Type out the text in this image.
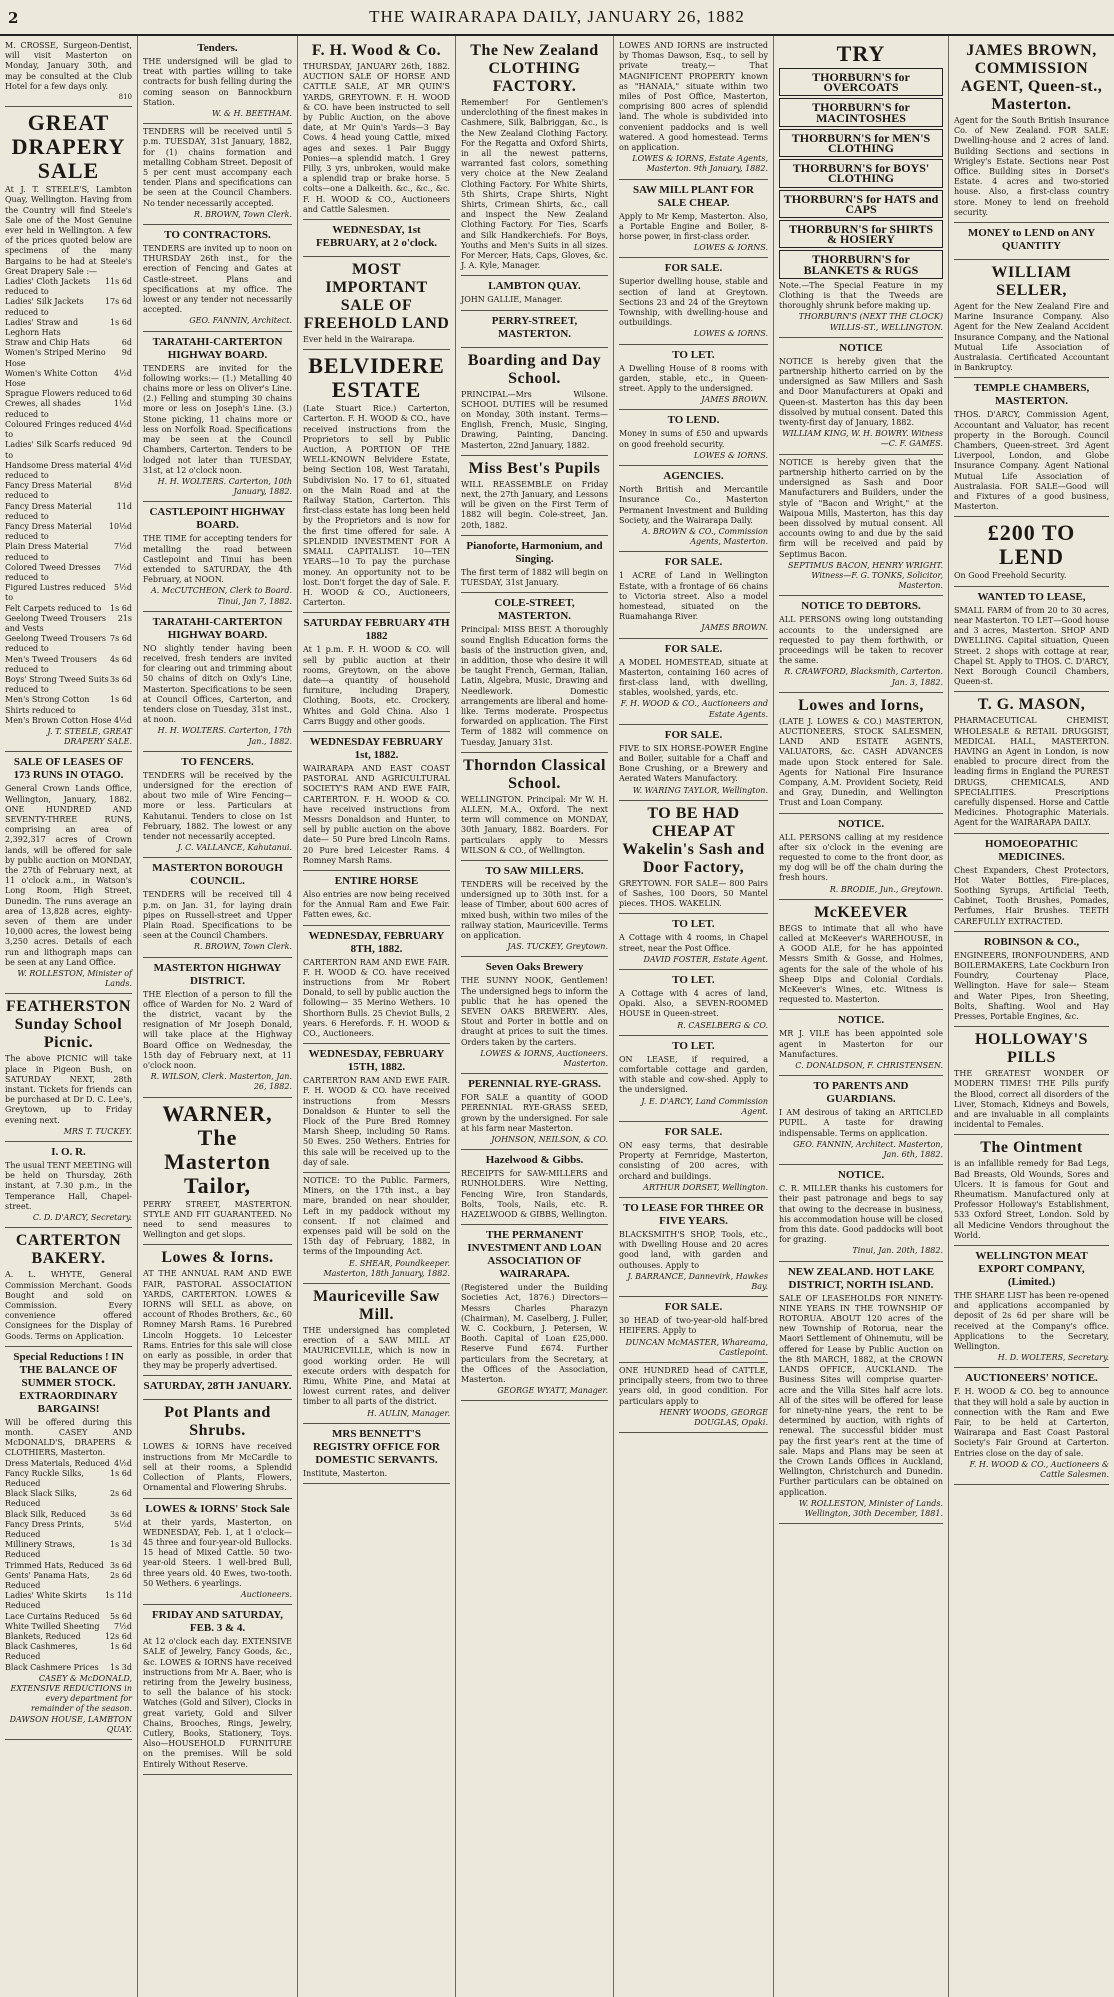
2	THE WAIRARAPA DAILY, JANUARY 26, 1882
M. CROSSE, Surgeon-Dentist, will visit Masterton on Monday, January 30th, and may be consulted at the Club Hotel for a few days only.
810
GREAT DRAPERY SALE
At J. T. STEELE'S, Lambton Quay, Wellington. Having from the Country will find Steele's Sale one of the Most Genuine ever held in Wellington. A few of the prices quoted below are specimens of the many Bargains to be had at Steele's Great Drapery Sale :—

11s 6d
Ladies' Cloth Jackets reduced to

17s 6d
Ladies' Silk Jackets reduced to

1s 6d
Ladies' Straw and Leghorn Hats

6d
Straw and Chip Hats

9d
Women's Striped Merino Hose

4½d
Women's White Cotton Hose

6d
Sprague Flowers reduced to

1½d
Crewes, all shades reduced to

4½d
Coloured Fringes reduced to

9d
Ladies' Silk Scarfs reduced to

4½d
Handsome Dress material reduced to

8½d
Fancy Dress Material reduced to

11d
Fancy Dress Material reduced to

10½d
Fancy Dress Material reduced to

7½d
Plain Dress Material reduced to

7½d
Colored Tweed Dresses reduced to

5½d
Figured Lustres reduced to

1s 6d
Felt Carpets reduced to

21s
Geelong Tweed Trousers and Vests

7s 6d
Geelong Tweed Trousers reduced to

4s 6d
Men's Tweed Trousers reduced to

3s 6d
Boys' Strong Tweed Suits reduced to

1s 6d
Men's Strong Cotton Shirts reduced to

4½d
Men's Brown Cotton Hose

J. T. STEELE, GREAT DRAPERY SALE.
SALE OF LEASES OF 173 RUNS IN OTAGO.
General Crown Lands Office, Wellington, January, 1882. ONE HUNDRED AND SEVENTY-THREE RUNS, comprising an area of 2,392,317 acres of Crown lands, will be offered for sale by public auction on MONDAY, the 27th of February next, at 11 o'clock a.m., in Watson's Long Room, High Street, Dunedin. The runs average an area of 13,828 acres, eighty-seven of them are under 10,000 acres, the lowest being 3,250 acres. Details of each run and lithograph maps can be seen at any Land Office.
W. ROLLESTON, Minister of Lands.
FEATHERSTON Sunday School Picnic.
The above PICNIC will take place in Pigeon Bush, on SATURDAY NEXT, 28th instant. Tickets for friends can be purchased at Dr D. C. Lee's, Greytown, up to Friday evening next.
MRS T. TUCKEY.
I. O. R.
The usual TENT MEETING will be held on Thursday, 26th instant, at 7.30 p.m., in the Temperance Hall, Chapel-street.
C. D. D'ARCY, Secretary.
CARTERTON BAKERY.
A. L. WHYTE, General Commission Merchant. Goods Bought and sold on Commission. Every convenience offered Consignees for the Display of Goods. Terms on Application.
Special Reductions ! IN THE BALANCE OF SUMMER STOCK. EXTRAORDINARY BARGAINS!
Will be offered during this month. CASEY AND McDONALD'S, DRAPERS & CLOTHIERS, Masterton.

4½d
Dress Materials, Reduced

1s 6d
Fancy Ruckle Silks, Reduced

2s 6d
Black Slack Silks, Reduced

3s 6d
Black Silk, Reduced

5½d
Fancy Dress Prints, Reduced

1s 3d
Millinery Straws, Reduced

3s 6d
Trimmed Hats, Reduced

2s 6d
Gents' Panama Hats, Reduced

1s 11d
Ladies' White Skirts Reduced

5s 6d
Lace Curtains Reduced

7½d
White Twilled Sheeting

12s 6d
Blankets, Reduced

1s 6d
Black Cashmeres, Reduced

1s 3d
Black Cashmere Prices

CASEY & McDONALD, EXTENSIVE REDUCTIONS in every department for remainder of the season. DAWSON HOUSE, LAMBTON QUAY.
Tenders.
THE undersigned will be glad to treat with parties willing to take contracts for bush felling during the coming season on Bannockburn Station.
W. & H. BEETHAM.
TENDERS will be received until 5 p.m. TUESDAY, 31st January, 1882, for (1) chains formation and metalling Cobham Street. Deposit of 5 per cent must accompany each tender. Plans and specifications can be seen at the Council Chambers. No tender necessarily accepted.
R. BROWN, Town Clerk.
TO CONTRACTORS.
TENDERS are invited up to noon on THURSDAY 26th inst., for the erection of Fencing and Gates at Castle-street. Plans and specifications at my office. The lowest or any tender not necessarily accepted.
GEO. FANNIN, Architect.
TARATAHI-CARTERTON HIGHWAY BOARD.
TENDERS are invited for the following works:— (1.) Metalling 40 chains more or less on Oliver's Line. (2.) Felling and stumping 30 chains more or less on Joseph's Line. (3.) Stone picking, 11 chains more or less on Norfolk Road. Specifications may be seen at the Council Chambers, Carterton. Tenders to be lodged not later than TUESDAY, 31st, at 12 o'clock noon.
H. H. WOLTERS. Carterton, 10th January, 1882.
CASTLEPOINT HIGHWAY BOARD.
THE TIME for accepting tenders for metalling the road between Castlepoint and Tinui has been extended to SATURDAY, the 4th February, at NOON.
A. McCUTCHEON, Clerk to Board. Tinui, Jan 7, 1882.
TARATAHI-CARTERTON HIGHWAY BOARD.
NO slightly tender having been received, fresh tenders are invited for clearing out and trimming about 50 chains of ditch on Oxly's Line, Masterton. Specifications to be seen at Council Offices, Carterton, and tenders close on Tuesday, 31st inst., at noon.
H. H. WOLTERS. Carterton, 17th Jan., 1882.
TO FENCERS.
TENDERS will be received by the undersigned for the erection of about two mile of Wire Fencing—more or less. Particulars at Kahutanui. Tenders to close on 1st February, 1882. The lowest or any tender not necessarily accepted.
J. C. VALLANCE, Kahutanui.
MASTERTON BOROUGH COUNCIL.
TENDERS will be received till 4 p.m. on Jan. 31, for laying drain pipes on Russell-street and Upper Plain Road. Specifications to be seen at the Council Chambers.
R. BROWN, Town Clerk.
MASTERTON HIGHWAY DISTRICT.
THE Election of a person to fill the office of Warden for No. 2 Ward of the district, vacant by the resignation of Mr Joseph Donald, will take place at the Highway Board Office on Wednesday, the 15th day of February next, at 11 o'clock noon.
R. WILSON, Clerk. Masterton, Jan. 26, 1882.
WARNER, The Masterton Tailor,
PERRY STREET, MASTERTON. STYLE AND FIT GUARANTEED. No need to send measures to Wellington and get slops.
Lowes & Iorns.
AT THE ANNUAL RAM AND EWE FAIR, PASTORAL ASSOCIATION YARDS, CARTERTON. LOWES & IORNS will SELL as above, on account of Rhodes Brothers, &c., 60 Romney Marsh Rams. 16 Purebred Lincoln Hoggets. 10 Leicester Rams. Entries for this sale will close on early as possible, in order that they may be properly advertised.
SATURDAY, 28TH JANUARY.
Pot Plants and Shrubs.
LOWES & IORNS have received instructions from Mr McCardle to sell at their rooms, a Splendid Collection of Plants, Flowers, Ornamental and Flowering Shrubs.
LOWES & IORNS' Stock Sale
at their yards, Masterton, on WEDNESDAY, Feb. 1, at 1 o'clock— 45 three and four-year-old Bullocks. 15 head of Mixed Cattle. 50 two-year-old Steers. 1 well-bred Bull, three years old. 40 Ewes, two-tooth. 50 Wethers. 6 yearlings.
Auctioneers.
FRIDAY AND SATURDAY, FEB. 3 & 4.
At 12 o'clock each day. EXTENSIVE SALE of Jewelry, Fancy Goods, &c., &c. LOWES & IORNS have received instructions from Mr A. Baer, who is retiring from the Jewelry business, to sell the balance of his stock: Watches (Gold and Silver), Clocks in great variety, Gold and Silver Chains, Brooches, Rings, Jewelry, Cutlery, Books, Stationery, Toys. Also—HOUSEHOLD FURNITURE on the premises. Will be sold Entirely Without Reserve.
F. H. Wood & Co.
THURSDAY, JANUARY 26th, 1882. AUCTION SALE OF HORSE AND CATTLE SALE, AT MR QUIN'S YARDS, GREYTOWN. F. H. WOOD & CO. have been instructed to sell by Public Auction, on the above date, at Mr Quin's Yards—3 Bay Cows. 4 head young Cattle, mixed ages and sexes. 1 Pair Buggy Ponies—a splendid match. 1 Grey Filly, 3 yrs, unbroken, would make a splendid trap or brake horse. 5 colts—one a Dalkeith. &c., &c., &c. F. H. WOOD & CO., Auctioneers and Cattle Salesmen.
WEDNESDAY, 1st FEBRUARY, at 2 o'clock.
MOST IMPORTANT SALE OF FREEHOLD LAND
Ever held in the Wairarapa.
BELVIDERE ESTATE
(Late Stuart Rice.) Carterton, Carterton. F. H. WOOD & CO., have received instructions from the Proprietors to sell by Public Auction, A PORTION OF THE WELL-KNOWN Belvidere Estate, being Section 108, West Taratahi, Subdivision No. 17 to 61, situated on the Main Road and at the Railway Station, Carterton. This first-class estate has long been held by the Proprietors and is now for the first time offered for sale. A SPLENDID INVESTMENT FOR A SMALL CAPITALIST. 10—TEN YEARS—10 To pay the purchase money. An opportunity not to be lost. Don't forget the day of Sale. F. H. WOOD & CO., Auctioneers, Carterton.
SATURDAY FEBRUARY 4TH 1882
At 1 p.m. F. H. WOOD & CO. will sell by public auction at their rooms, Greytown, on the above date—a quantity of household furniture, including Drapery, Clothing, Boots, etc. Crockery, Whites and Gold China. Also 1 Carrs Buggy and other goods.
WEDNESDAY FEBRUARY 1st, 1882.
WAIRARAPA AND EAST COAST PASTORAL AND AGRICULTURAL SOCIETY'S RAM AND EWE FAIR, CARTERTON. F. H. WOOD & CO. have received instructions from Messrs Donaldson and Hunter, to sell by public auction on the above date— 50 Pure bred Lincoln Rams. 20 Pure bred Leicester Rams. 4 Romney Marsh Rams.
ENTIRE HORSE
Also entries are now being received for the Annual Ram and Ewe Fair. Fatten ewes, &c.
WEDNESDAY, FEBRUARY 8TH, 1882.
CARTERTON RAM AND EWE FAIR. F. H. WOOD & CO. have received instructions from Mr Robert Donald, to sell by public auction the following— 35 Merino Wethers. 10 Shorthorn Bulls. 25 Cheviot Bulls, 2 years. 6 Herefords. F. H. WOOD & CO., Auctioneers.
WEDNESDAY, FEBRUARY 15TH, 1882.
CARTERTON RAM AND EWE FAIR. F. H. WOOD & CO. have received instructions from Messrs Donaldson & Hunter to sell the Flock of the Pure Bred Romney Marsh Sheep, including 50 Rams. 50 Ewes. 250 Wethers. Entries for this sale will be received up to the day of sale.
NOTICE: TO the Public. Farmers, Miners, on the 17th inst., a bay mare, branded on near shoulder, Left in my paddock without my consent. If not claimed and expenses paid will be sold on the 15th day of February, 1882, in terms of the Impounding Act.
E. SHEAR, Poundkeeper. Masterton, 18th January, 1882.
Mauriceville Saw Mill.
THE undersigned has completed erection of a SAW MILL AT MAURICEVILLE, which is now in good working order. He will execute orders with despatch for Rimu, White Pine, and Matai at lowest current rates, and deliver timber to all parts of the district.
H. AULIN, Manager.
MRS BENNETT'S REGISTRY OFFICE FOR DOMESTIC SERVANTS.
Institute, Masterton.
The New Zealand CLOTHING FACTORY.
Remember! For Gentlemen's underclothing of the finest makes in Cashmere, Silk, Balbriggan, &c., is the New Zealand Clothing Factory. For the Regatta and Oxford Shirts, in all the newest patterns, warranted fast colors, something very choice at the New Zealand Clothing Factory. For White Shirts, 5th Shirts, Crape Shirts, Night Shirts, Crimean Shirts, &c., call and inspect the New Zealand Clothing Factory. For Ties, Scarfs and Silk Handkerchiefs. For Boys, Youths and Men's Suits in all sizes. For Mercer, Hats, Caps, Gloves, &c. J. A. Kyle, Manager.
LAMBTON QUAY.
JOHN GALLIE, Manager.
PERRY-STREET, MASTERTON.
Boarding and Day School.
PRINCIPAL—Mrs Wilsone. SCHOOL DUTIES will be resumed on Monday, 30th instant. Terms—English, French, Music, Singing, Drawing, Painting, Dancing. Masterton, 22nd January, 1882.
Miss Best's Pupils
WILL REASSEMBLE on Friday next, the 27th January, and Lessons will be given on the First Term of 1882 will begin. Cole-street, Jan. 20th, 1882.
Pianoforte, Harmonium, and Singing.
The first term of 1882 will begin on TUESDAY, 31st January.
COLE-STREET, MASTERTON.
Principal: MISS BEST. A thoroughly sound English Education forms the basis of the instruction given, and, in addition, those who desire it will be taught French, German, Italian, Latin, Algebra, Music, Drawing and Needlework. Domestic arrangements are liberal and home-like. Terms moderate. Prospectus forwarded on application. The First Term of 1882 will commence on Tuesday, January 31st.
Thorndon Classical School.
WELLINGTON. Principal: Mr W. H. ALLEN, M.A., Oxford. The next term will commence on MONDAY, 30th January, 1882. Boarders. For particulars apply to Messrs WILSON & CO., of Wellington.
TO SAW MILLERS.
TENDERS will be received by the undersigned up to 30th inst. for a lease of Timber, about 600 acres of mixed bush, within two miles of the railway station, Mauriceville. Terms on application.
JAS. TUCKEY, Greytown.
Seven Oaks Brewery
THE SUNNY NOOK, Gentlemen! The undersigned begs to inform the public that he has opened the SEVEN OAKS BREWERY. Ales, Stout and Porter in bottle and on draught at prices to suit the times. Orders taken by the carters.
LOWES & IORNS, Auctioneers. Masterton.
PERENNIAL RYE-GRASS.
FOR SALE a quantity of GOOD PERENNIAL RYE-GRASS SEED, grown by the undersigned. For sale at his farm near Masterton.
JOHNSON, NEILSON, & CO.
Hazelwood & Gibbs.
RECEIPTS for SAW-MILLERS and RUNHOLDERS. Wire Netting, Fencing Wire, Iron Standards, Bolts, Tools, Nails, etc. R. HAZELWOOD & GIBBS, Wellington.
THE PERMANENT INVESTMENT AND LOAN ASSOCIATION OF WAIRARAPA.
(Registered under the Building Societies Act, 1876.) Directors— Messrs Charles Pharazyn (Chairman), M. Caselberg, J. Fuller, W. C. Cockburn, J. Petersen, W. Booth. Capital of Loan £25,000. Reserve Fund £674. Further particulars from the Secretary, at the Offices of the Association, Masterton.
GEORGE WYATT, Manager.
LOWES AND IORNS are instructed by Thomas Dawson, Esq., to sell by private treaty,— That MAGNIFICENT PROPERTY known as "HANAIA," situate within two miles of Post Office, Masterton, comprising 800 acres of splendid land. The whole is subdivided into convenient paddocks and is well watered. A good homestead. Terms on application.
LOWES & IORNS, Estate Agents, Masterton. 9th January, 1882.
SAW MILL PLANT FOR SALE CHEAP.
Apply to Mr Kemp, Masterton. Also, a Portable Engine and Boiler, 8-horse power, in first-class order.
LOWES & IORNS.
FOR SALE.
Superior dwelling house, stable and section of land at Greytown. Sections 23 and 24 of the Greytown Township, with dwelling-house and outbuildings.
LOWES & IORNS.
TO LET.
A Dwelling House of 8 rooms with garden, stable, etc., in Queen-street. Apply to the undersigned.
JAMES BROWN.
TO LEND.
Money in sums of £50 and upwards on good freehold security.
LOWES & IORNS.
AGENCIES.
North British and Mercantile Insurance Co., Masterton Permanent Investment and Building Society, and the Wairarapa Daily.
A. BROWN & CO., Commission Agents, Masterton.
FOR SALE.
1 ACRE of Land in Wellington Estate, with a frontage of 66 chains to Victoria street. Also a model homestead, situated on the Ruamahanga River.
JAMES BROWN.
FOR SALE.
A MODEL HOMESTEAD, situate at Masterton, containing 160 acres of first-class land, with dwelling, stables, woolshed, yards, etc.
F. H. WOOD & CO., Auctioneers and Estate Agents.
FOR SALE.
FIVE to SIX HORSE-POWER Engine and Boiler, suitable for a Chaff and Bone Crushing, or a Brewery and Aerated Waters Manufactory.
W. WARING TAYLOR, Wellington.
TO BE HAD CHEAP AT Wakelin's Sash and Door Factory,
GREYTOWN. FOR SALE— 800 Pairs of Sashes, 100 Doors, 50 Mantel pieces. THOS. WAKELIN.
TO LET.
A Cottage with 4 rooms, in Chapel street, near the Post Office.
DAVID FOSTER, Estate Agent.
TO LET.
A Cottage with 4 acres of land, Opaki. Also, a SEVEN-ROOMED HOUSE in Queen-street.
R. CASELBERG & CO.
TO LET.
ON LEASE, if required, a comfortable cottage and garden, with stable and cow-shed. Apply to the undersigned.
J. E. D'ARCY, Land Commission Agent.
FOR SALE.
ON easy terms, that desirable Property at Fernridge, Masterton, consisting of 200 acres, with orchard and buildings.
ARTHUR DORSET, Wellington.
TO LEASE FOR THREE OR FIVE YEARS.
BLACKSMITH'S SHOP, Tools, etc., with Dwelling House and 20 acres good land, with garden and outhouses. Apply to
J. BARRANCE, Dannevirk, Hawkes Bay.
FOR SALE.
30 HEAD of two-year-old half-bred HEIFERS. Apply to
DUNCAN McMASTER, Whareama, Castlepoint.
ONE HUNDRED head of CATTLE, principally steers, from two to three years old, in good condition. For particulars apply to
HENRY WOODS, GEORGE DOUGLAS, Opaki.
TRY
THORBURN'S for OVERCOATS
THORBURN'S for MACINTOSHES
THORBURN'S for MEN'S CLOTHING
THORBURN'S for BOYS' CLOTHING
THORBURN'S for HATS and CAPS
THORBURN'S for SHIRTS & HOSIERY
THORBURN'S for BLANKETS & RUGS
Note.—The Special Feature in my Clothing is that the Tweeds are thoroughly shrunk before making up.
THORBURN'S (NEXT THE CLOCK) WILLIS-ST., WELLINGTON.
NOTICE
NOTICE is hereby given that the partnership hitherto carried on by the undersigned as Saw Millers and Sash and Door Manufacturers at Opaki and Queen-st. Masterton has this day been dissolved by mutual consent. Dated this twenty-first day of January, 1882.
WILLIAM KING, W. H. BOWRY. Witness—C. F. GAMES.
NOTICE is hereby given that the partnership hitherto carried on by the undersigned as Sash and Door Manufacturers and Builders, under the style of "Bacon and Wright," at the Waipoua Mills, Masterton, has this day been dissolved by mutual consent. All accounts owing to and due by the said firm will be received and paid by Septimus Bacon.
SEPTIMUS BACON, HENRY WRIGHT. Witness—F. G. TONKS, Solicitor, Masterton.
NOTICE TO DEBTORS.
ALL PERSONS owing long outstanding accounts to the undersigned are requested to pay them forthwith, or proceedings will be taken to recover the same.
R. CRAWFORD, Blacksmith, Carterton. Jan. 3, 1882.
Lowes and Iorns,
(LATE J. LOWES & CO.) MASTERTON, AUCTIONEERS, STOCK SALESMEN, LAND AND ESTATE AGENTS, VALUATORS, &c. CASH ADVANCES made upon Stock entered for Sale. Agents for National Fire Insurance Company, A.M. Provident Society, Reid and Gray, Dunedin, and Wellington Trust and Loan Company.
NOTICE.
ALL PERSONS calling at my residence after six o'clock in the evening are requested to come to the front door, as my dog will be off the chain during the fresh hours.
R. BRODIE, Jun., Greytown.
McKEEVER
BEGS to intimate that all who have called at McKeever's WAREHOUSE, in A GOOD ALE, for he has appointed Messrs Smith & Gosse, and Holmes, agents for the sale of the whole of his Sheep Dips and Colonial Cordials. McKeever's Wines, etc. Witness is requested to. Masterton.
NOTICE.
MR J. VILE has been appointed sole agent in Masterton for our Manufactures.
C. DONALDSON, F. CHRISTENSEN.
TO PARENTS AND GUARDIANS.
I AM desirous of taking an ARTICLED PUPIL. A taste for drawing indispensable. Terms on application.
GEO. FANNIN, Architect. Masterton, Jan. 6th, 1882.
NOTICE.
C. R. MILLER thanks his customers for their past patronage and begs to say that owing to the decrease in business, his accommodation house will be closed from this date. Good paddocks will boot for grazing.
Tinui, Jan. 20th, 1882.
NEW ZEALAND. HOT LAKE DISTRICT, NORTH ISLAND.
SALE OF LEASEHOLDS FOR NINETY-NINE YEARS IN THE TOWNSHIP OF ROTORUA. ABOUT 120 acres of the new Township of Rotorua, near the Maori Settlement of Ohinemutu, will be offered for Lease by Public Auction on the 8th MARCH, 1882, at the CROWN LANDS OFFICE, AUCKLAND. The Business Sites will comprise quarter-acre and the Villa Sites half acre lots. All of the sites will be offered for lease for ninety-nine years, the rent to be determined by auction, with rights of renewal. The successful bidder must pay the first year's rent at the time of sale. Maps and Plans may be seen at the Crown Lands Offices in Auckland, Wellington, Christchurch and Dunedin. Further particulars can be obtained on application.
W. ROLLESTON, Minister of Lands. Wellington, 30th December, 1881.
JAMES BROWN, COMMISSION AGENT, Queen-st., Masterton.
Agent for the South British Insurance Co. of New Zealand. FOR SALE: Dwelling-house and 2 acres of land. Building Sections and sections in Wrigley's Estate. Sections near Post Office. Building sites in Dorset's Estate. 4 acres and two-storied house. Also, a first-class country store. Money to lend on freehold security.
MONEY to LEND on ANY QUANTITY
WILLIAM SELLER,
Agent for the New Zealand Fire and Marine Insurance Company. Also Agent for the New Zealand Accident Insurance Company, and the National Mutual Life Association of Australasia. Certificated Accountant in Bankruptcy.
TEMPLE CHAMBERS, MASTERTON.
THOS. D'ARCY, Commission Agent, Accountant and Valuator, has recent property in the Borough. Council Chambers, Queen-street. 3rd Agent Liverpool, London, and Globe Insurance Company. Agent National Mutual Life Association of Australasia. FOR SALE—Good will and Fixtures of a good business, Masterton.
£200 TO LEND
On Good Freehold Security.
WANTED TO LEASE,
SMALL FARM of from 20 to 30 acres, near Masterton. TO LET—Good house and 3 acres, Masterton. SHOP AND DWELLING. Capital situation, Queen Street. 2 shops with cottage at rear, Chapel St. Apply to THOS. C. D'ARCY, Next Borough Council Chambers, Queen-st.
T. G. MASON,
PHARMACEUTICAL CHEMIST, WHOLESALE & RETAIL DRUGGIST, MEDICAL HALL, MASTERTON. HAVING an Agent in London, is now enabled to procure direct from the leading firms in England the PUREST DRUGS, CHEMICALS, AND SPECIALITIES. Prescriptions carefully dispensed. Horse and Cattle Medicines. Photographic Materials. Agent for the WAIRARAPA DAILY.
HOMOEOPATHIC MEDICINES.
Chest Expanders, Chest Protectors, Hot Water Bottles, Fire-places, Soothing Syrups, Artificial Teeth, Cabinet, Tooth Brushes, Pomades, Perfumes, Hair Brushes. TEETH CAREFULLY EXTRACTED.
ROBINSON & CO.,
ENGINEERS, IRONFOUNDERS, AND BOILERMAKERS, Late Cockburn Iron Foundry, Courtenay Place, Wellington. Have for sale— Steam and Water Pipes, Iron Sheeting, Bolts, Shafting. Wool and Hay Presses, Portable Engines, &c.
HOLLOWAY'S PILLS
THE GREATEST WONDER OF MODERN TIMES! THE Pills purify the Blood, correct all disorders of the Liver, Stomach, Kidneys and Bowels, and are invaluable in all complaints incidental to Females.
The Ointment
is an infallible remedy for Bad Legs, Bad Breasts, Old Wounds, Sores and Ulcers. It is famous for Gout and Rheumatism. Manufactured only at Professor Holloway's Establishment, 533 Oxford Street, London. Sold by all Medicine Vendors throughout the World.
WELLINGTON MEAT EXPORT COMPANY, (Limited.)
THE SHARE LIST has been re-opened and applications accompanied by deposit of 2s 6d per share will be received at the Company's office. Applications to the Secretary, Wellington.
H. D. WOLTERS, Secretary.
AUCTIONEERS' NOTICE.
F. H. WOOD & CO. beg to announce that they will hold a sale by auction in connection with the Ram and Ewe Fair, to be held at Carterton, Wairarapa and East Coast Pastoral Society's Fair Ground at Carterton. Entries close on the day of sale.
F. H. WOOD & CO., Auctioneers & Cattle Salesmen.
